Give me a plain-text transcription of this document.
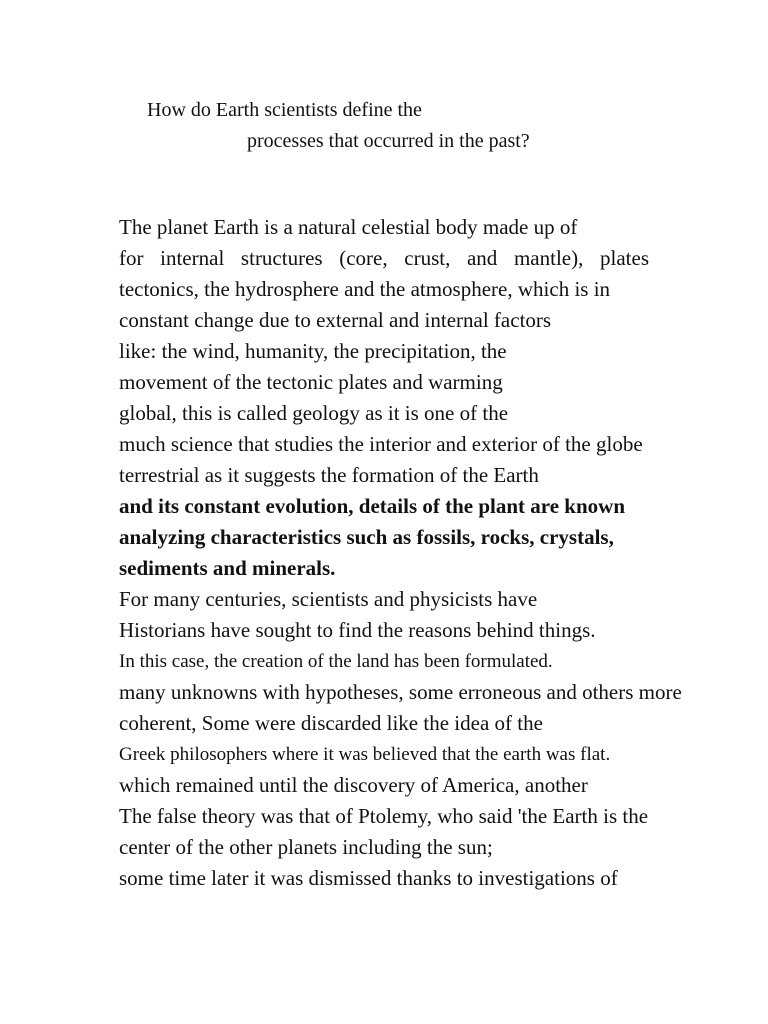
How do Earth scientists define the
processes that occurred in the past?
The planet Earth is a natural celestial body made up of
for internal structures (core, crust, and mantle), plates
tectonics, the hydrosphere and the atmosphere, which is in
constant change due to external and internal factors
like: the wind, humanity, the precipitation, the
movement of the tectonic plates and warming
global, this is called geology as it is one of the
much science that studies the interior and exterior of the globe
terrestrial as it suggests the formation of the Earth
and its constant evolution, details of the plant are known
analyzing characteristics such as fossils, rocks, crystals,
sediments and minerals.
For many centuries, scientists and physicists have
Historians have sought to find the reasons behind things.
In this case, the creation of the land has been formulated.
many unknowns with hypotheses, some erroneous and others more
coherent, Some were discarded like the idea of the
Greek philosophers where it was believed that the earth was flat.
which remained until the discovery of America, another
The false theory was that of Ptolemy, who said 'the Earth is the
center of the other planets including the sun;
some time later it was dismissed thanks to investigations of
